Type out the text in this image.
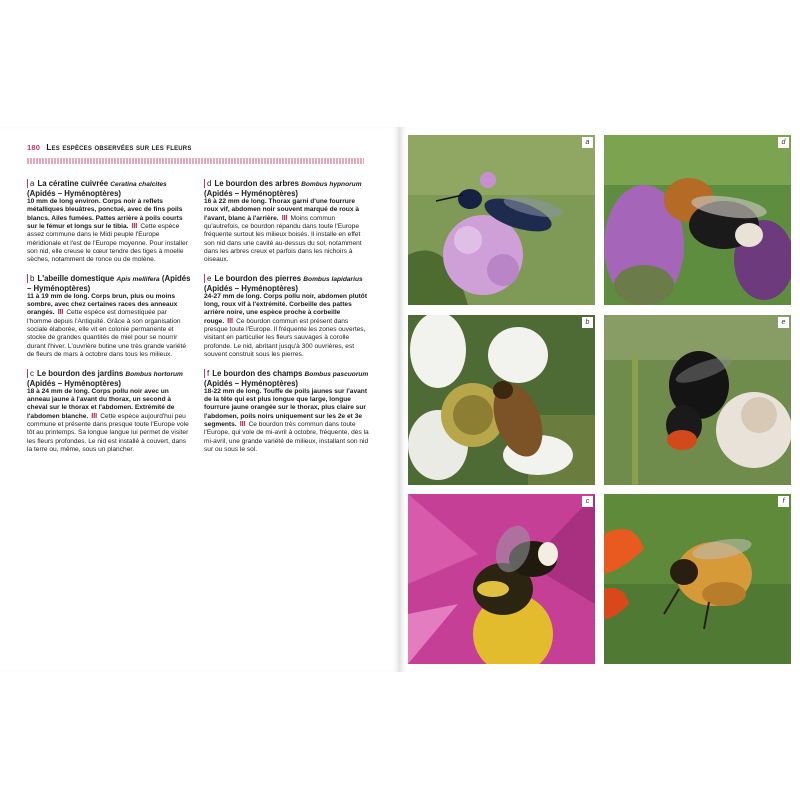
180 Les espèces observées sur les fleurs

a La cératine cuivrée Ceratina chalcites (Apidés – Hyménoptères)

10 mm de long environ. Corps noir à reflets métalliques bleuâtres, ponctué, avec de fins poils blancs. Ailes fumées. Pattes arrière à poils courts sur le fémur et longs sur le tibia. Ⅲ Cette espèce assez commune dans le Midi peuple l'Europe méridionale et l'est de l'Europe moyenne. Pour installer son nid, elle creuse le cœur tendre des tiges à moelle sèches, notamment de ronce ou de molène.

b L'abeille domestique Apis mellifera (Apidés – Hyménoptères)

11 à 19 mm de long. Corps brun, plus ou moins sombre, avec chez certaines races des anneaux orangés. Ⅲ Cette espèce est domestiquée par l'homme depuis l'Antiquité. Grâce à son organisation sociale élaborée, elle vit en colonie permanente et stocke de grandes quantités de miel pour se nourrir durant l'hiver. L'ouvrière butine une très grande variété de fleurs de mars à octobre dans tous les milieux.

c Le bourdon des jardins Bombus hortorum (Apidés – Hyménoptères)

18 à 24 mm de long. Corps pollu noir avec un anneau jaune à l'avant du thorax, un second à cheval sur le thorax et l'abdomen. Extrémité de l'abdomen blanche. Ⅲ Cette espèce aujourd'hui peu commune et présente dans presque toute l'Europe vole tôt au printemps. Sa longue langue lui permet de visiter les fleurs profondes. Le nid est installé à couvert, dans la terre ou, même, sous un plancher.

d Le bourdon des arbres Bombus hypnorum (Apidés – Hyménoptères)

16 à 22 mm de long. Thorax garni d'une fourrure roux vif, abdomen noir souvent marqué de roux à l'avant, blanc à l'arrière. Ⅲ Moins commun qu'autrefois, ce bourdon répandu dans toute l'Europe fréquente surtout les milieux boisés. Il installe en effet son nid dans une cavité au-dessus du sol, notamment dans les arbres creux et parfois dans les nichoirs à oiseaux.

e Le bourdon des pierres Bombus lapidarius (Apidés – Hyménoptères)

24-27 mm de long. Corps pollu noir, abdomen plutôt long, roux vif à l'extrémité. Corbeille des pattes arrière noire, une espèce proche à corbeille rouge. Ⅲ Ce bourdon commun est présent dans presque toute l'Europe. Il fréquente les zones ouvertes, visitant en particulier les fleurs sauvages à corolle profonde. Le nid, abritant jusqu'à 300 ouvrières, est souvent construit sous les pierres.

f Le bourdon des champs Bombus pascuorum (Apidés – Hyménoptères)

18-22 mm de long. Touffe de poils jaunes sur l'avant de la tête qui est plus longue que large, longue fourrure jaune orangée sur le thorax, plus claire sur l'abdomen, poils noirs uniquement sur les 2e et 3e segments. Ⅲ Ce bourdon très commun dans toute l'Europe, qui vole de mi-avril à octobre, fréquente, dès la mi-avril, une grande variété de milieux, installant son nid sur ou sous le sol.

a	d
b	e
c	f
